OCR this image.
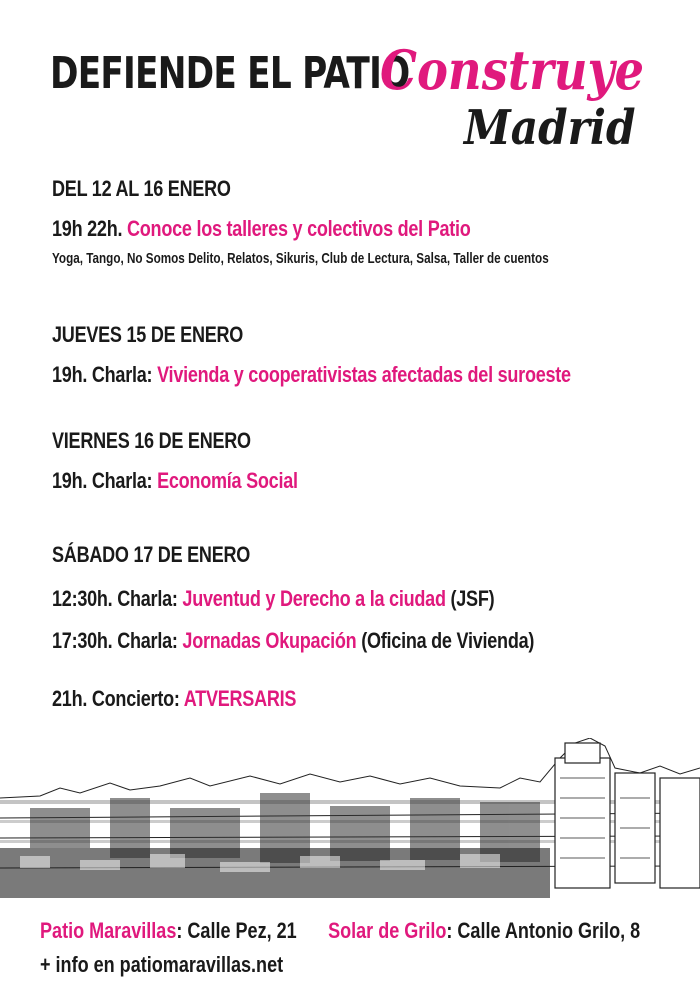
DEFIENDE EL PATIO
Construye
Madrid
DEL 12 AL 16 ENERO
19h 22h. Conoce los talleres y colectivos del Patio
Yoga, Tango, No Somos Delito, Relatos, Sikuris, Club de Lectura, Salsa, Taller de cuentos
JUEVES 15 DE ENERO
19h. Charla: Vivienda y cooperativistas afectadas del suroeste
VIERNES 16 DE ENERO
19h. Charla: Economía Social
SÁBADO 17 DE ENERO
12:30h. Charla: Juventud y Derecho a la ciudad (JSF)
17:30h. Charla: Jornadas Okupación (Oficina de Vivienda)
21h. Concierto: ATVERSARIS
Patio Maravillas: Calle Pez, 21 Solar de Grilo: Calle Antonio Grilo, 8
+ info en patiomaravillas.net
